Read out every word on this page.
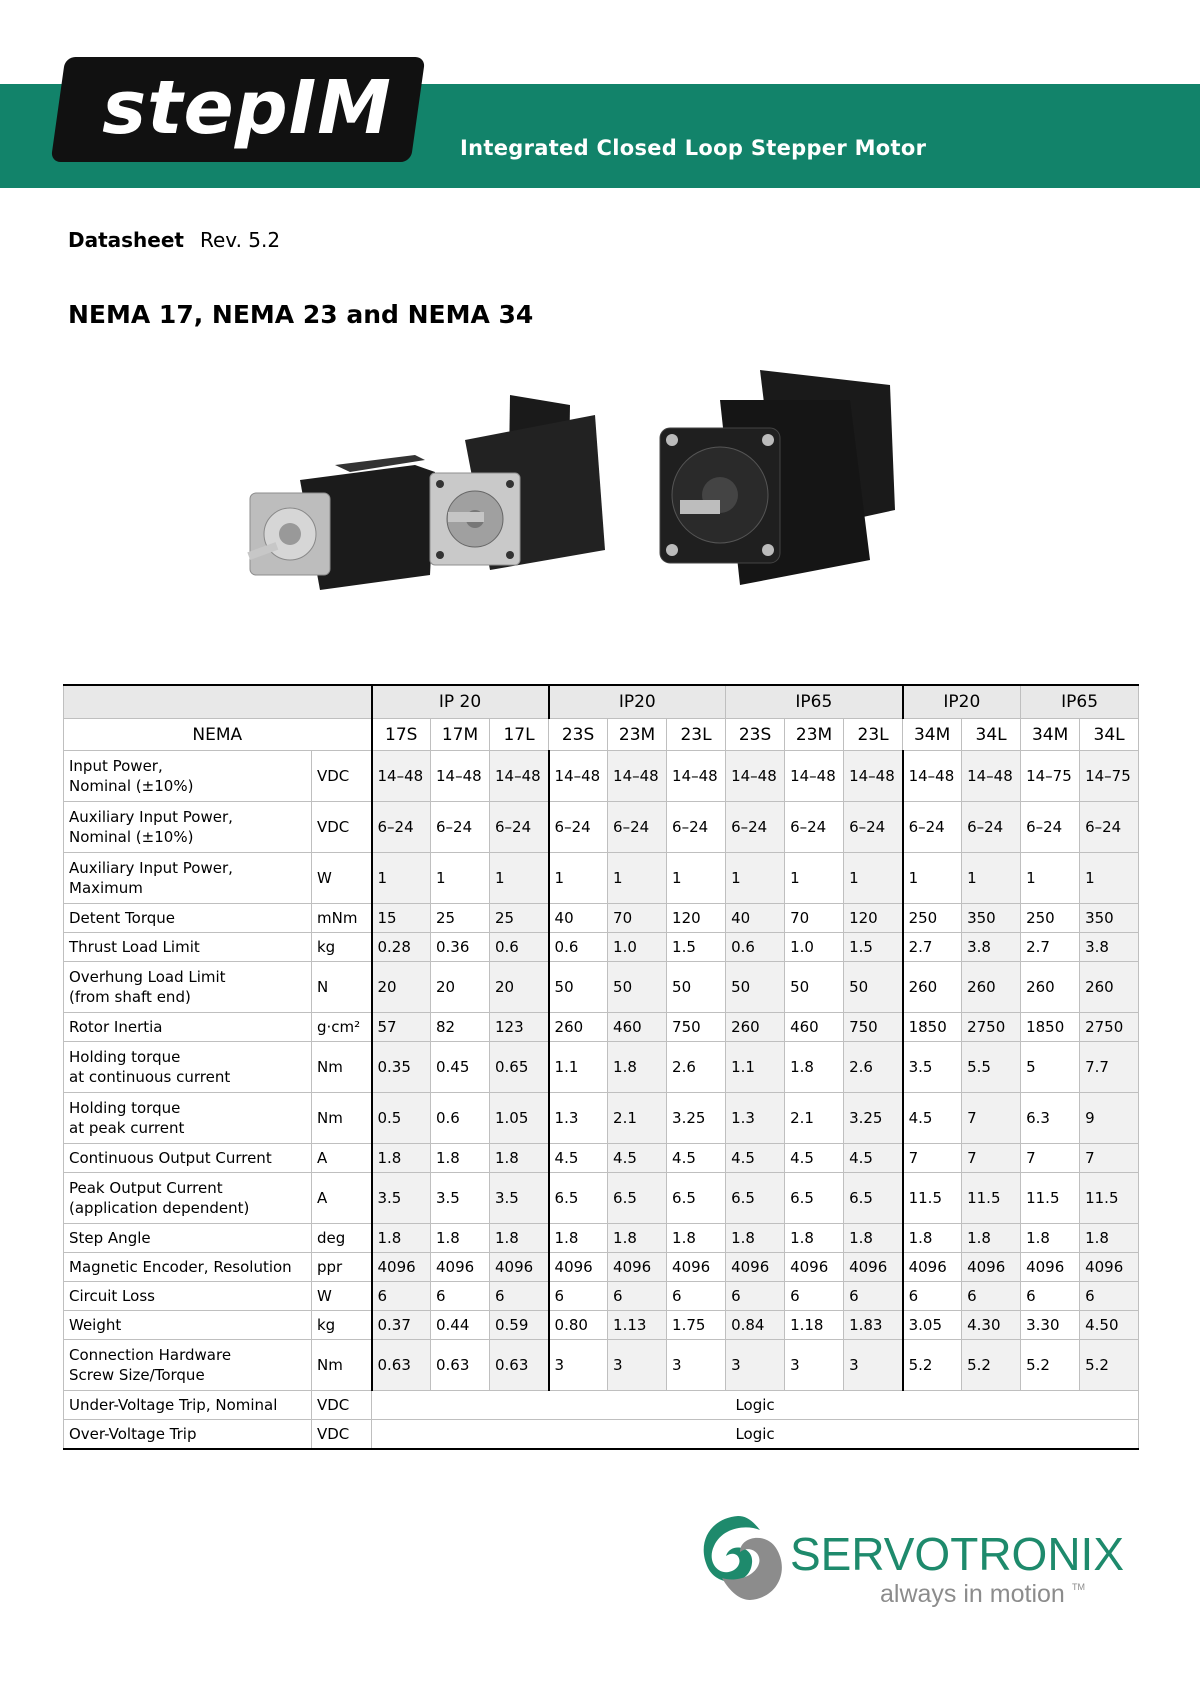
stepIM	Integrated Closed Loop Stepper Motor
Datasheet Rev. 5.2
NEMA 17, NEMA 23 and NEMA 34
		IP 20			IP20			IP65			IP20		IP65	
NEMA		17S	17M	17L	23S	23M	23L	23S	23M	23L	34M	34L	34M	34L
Input Power,
Nominal (±10%)	VDC	14–48	14–48	14–48	14–48	14–48	14–48	14–48	14–48	14–48	14–48	14–48	14–75	14–75
Auxiliary Input Power,
Nominal (±10%)	VDC	6–24	6–24	6–24	6–24	6–24	6–24	6–24	6–24	6–24	6–24	6–24	6–24	6–24
Auxiliary Input Power,
Maximum	W	1	1	1	1	1	1	1	1	1	1	1	1	1
Detent Torque	mNm	15	25	25	40	70	120	40	70	120	250	350	250	350
Thrust Load Limit	kg	0.28	0.36	0.6	0.6	1.0	1.5	0.6	1.0	1.5	2.7	3.8	2.7	3.8
Overhung Load Limit
(from shaft end)	N	20	20	20	50	50	50	50	50	50	260	260	260	260
Rotor Inertia	g·cm²	57	82	123	260	460	750	260	460	750	1850	2750	1850	2750
Holding torque
at continuous current	Nm	0.35	0.45	0.65	1.1	1.8	2.6	1.1	1.8	2.6	3.5	5.5	5	7.7
Holding torque
at peak current	Nm	0.5	0.6	1.05	1.3	2.1	3.25	1.3	2.1	3.25	4.5	7	6.3	9
Continuous Output Current	A	1.8	1.8	1.8	4.5	4.5	4.5	4.5	4.5	4.5	7	7	7	7
Peak Output Current
(application dependent)	A	3.5	3.5	3.5	6.5	6.5	6.5	6.5	6.5	6.5	11.5	11.5	11.5	11.5
Step Angle	deg	1.8	1.8	1.8	1.8	1.8	1.8	1.8	1.8	1.8	1.8	1.8	1.8	1.8
Magnetic Encoder, Resolution	ppr	4096	4096	4096	4096	4096	4096	4096	4096	4096	4096	4096	4096	4096
Circuit Loss	W	6	6	6	6	6	6	6	6	6	6	6	6	6
Weight	kg	0.37	0.44	0.59	0.80	1.13	1.75	0.84	1.18	1.83	3.05	4.30	3.30	4.50
Connection Hardware
Screw Size/Torque	Nm	0.63	0.63	0.63	3	3	3	3	3	3	5.2	5.2	5.2	5.2
Under-Voltage Trip, Nominal	VDC	Logic												
Over-Voltage Trip	VDC	Logic												
SERVOTRONIX
always in motion TM
